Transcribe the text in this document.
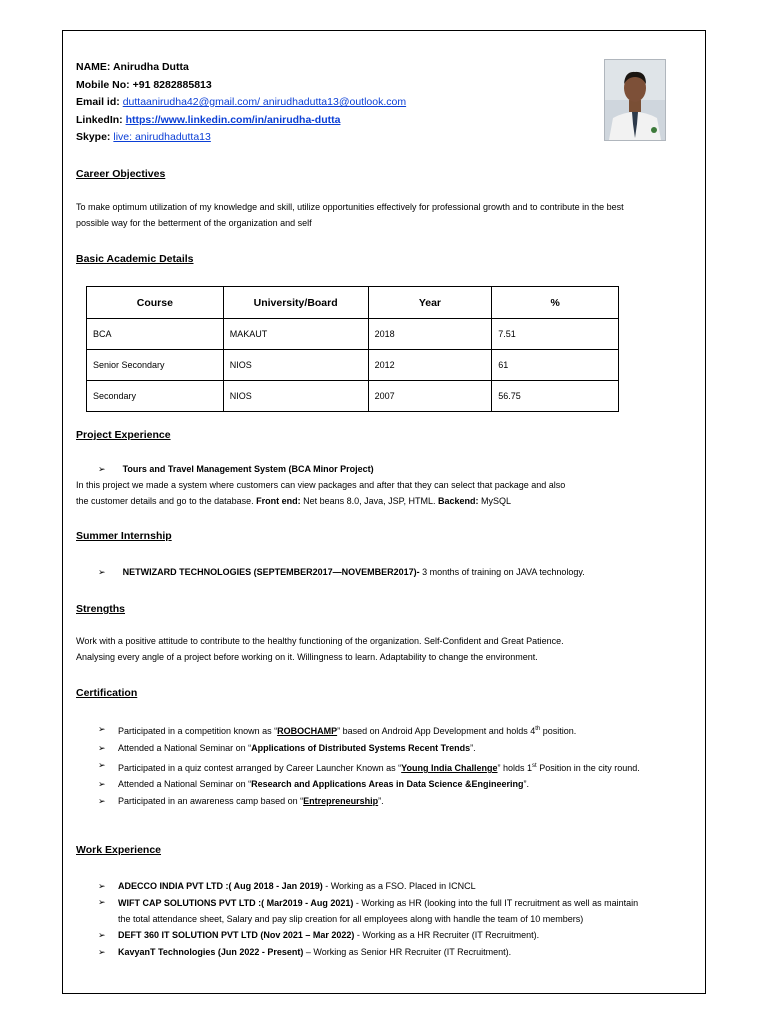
NAME: Anirudha Dutta
Mobile No: +91 8282885813
Email id: duttaanirudha42@gmail.com/ anirudhadutta13@outlook.com
LinkedIn: https://www.linkedin.com/in/anirudha-dutta
Skype: live: anirudhadutta13
Career Objectives
To make optimum utilization of my knowledge and skill, utilize opportunities effectively for professional growth and to contribute in the best possible way for the betterment of the organization and self
Basic Academic Details
Course	University/Board	Year	%
BCA	MAKAUT	2018	7.51
Senior Secondary	NIOS	2012	61
Secondary	NIOS	2007	56.75
Project Experience
➢ Tours and Travel Management System (BCA Minor Project)
In this project we made a system where customers can view packages and after that they can select that package and also
the customer details and go to the database. Front end: Net beans 8.0, Java, JSP, HTML. Backend: MySQL
Summer Internship
➢ NETWIZARD TECHNOLOGIES (SEPTEMBER2017—NOVEMBER2017)- 3 months of training on JAVA technology.
Strengths
Work with a positive attitude to contribute to the healthy functioning of the organization. Self-Confident and Great Patience.
Analysing every angle of a project before working on it. Willingness to learn. Adaptability to change the environment.
Certification
➢ Participated in a competition known as “ROBOCHAMP” based on Android App Development and holds 4th position.
➢ Attended a National Seminar on “Applications of Distributed Systems Recent Trends”.
➢ Participated in a quiz contest arranged by Career Launcher Known as “Young India Challenge” holds 1st Position in the city round.
➢ Attended a National Seminar on “Research and Applications Areas in Data Science &Engineering”.
➢ Participated in an awareness camp based on “Entrepreneurship”.
Work Experience
➢ ADECCO INDIA PVT LTD :( Aug 2018 - Jan 2019) - Working as a FSO. Placed in ICNCL
➢ WIFT CAP SOLUTIONS PVT LTD :( Mar2019 - Aug 2021) - Working as HR (looking into the full IT recruitment as well as maintain the total attendance sheet, Salary and pay slip creation for all employees along with handle the team of 10 members)
➢ DEFT 360 IT SOLUTION PVT LTD (Nov 2021 – Mar 2022) - Working as a HR Recruiter (IT Recruitment).
➢ KavyanT Technologies (Jun 2022 - Present) – Working as Senior HR Recruiter (IT Recruitment).
